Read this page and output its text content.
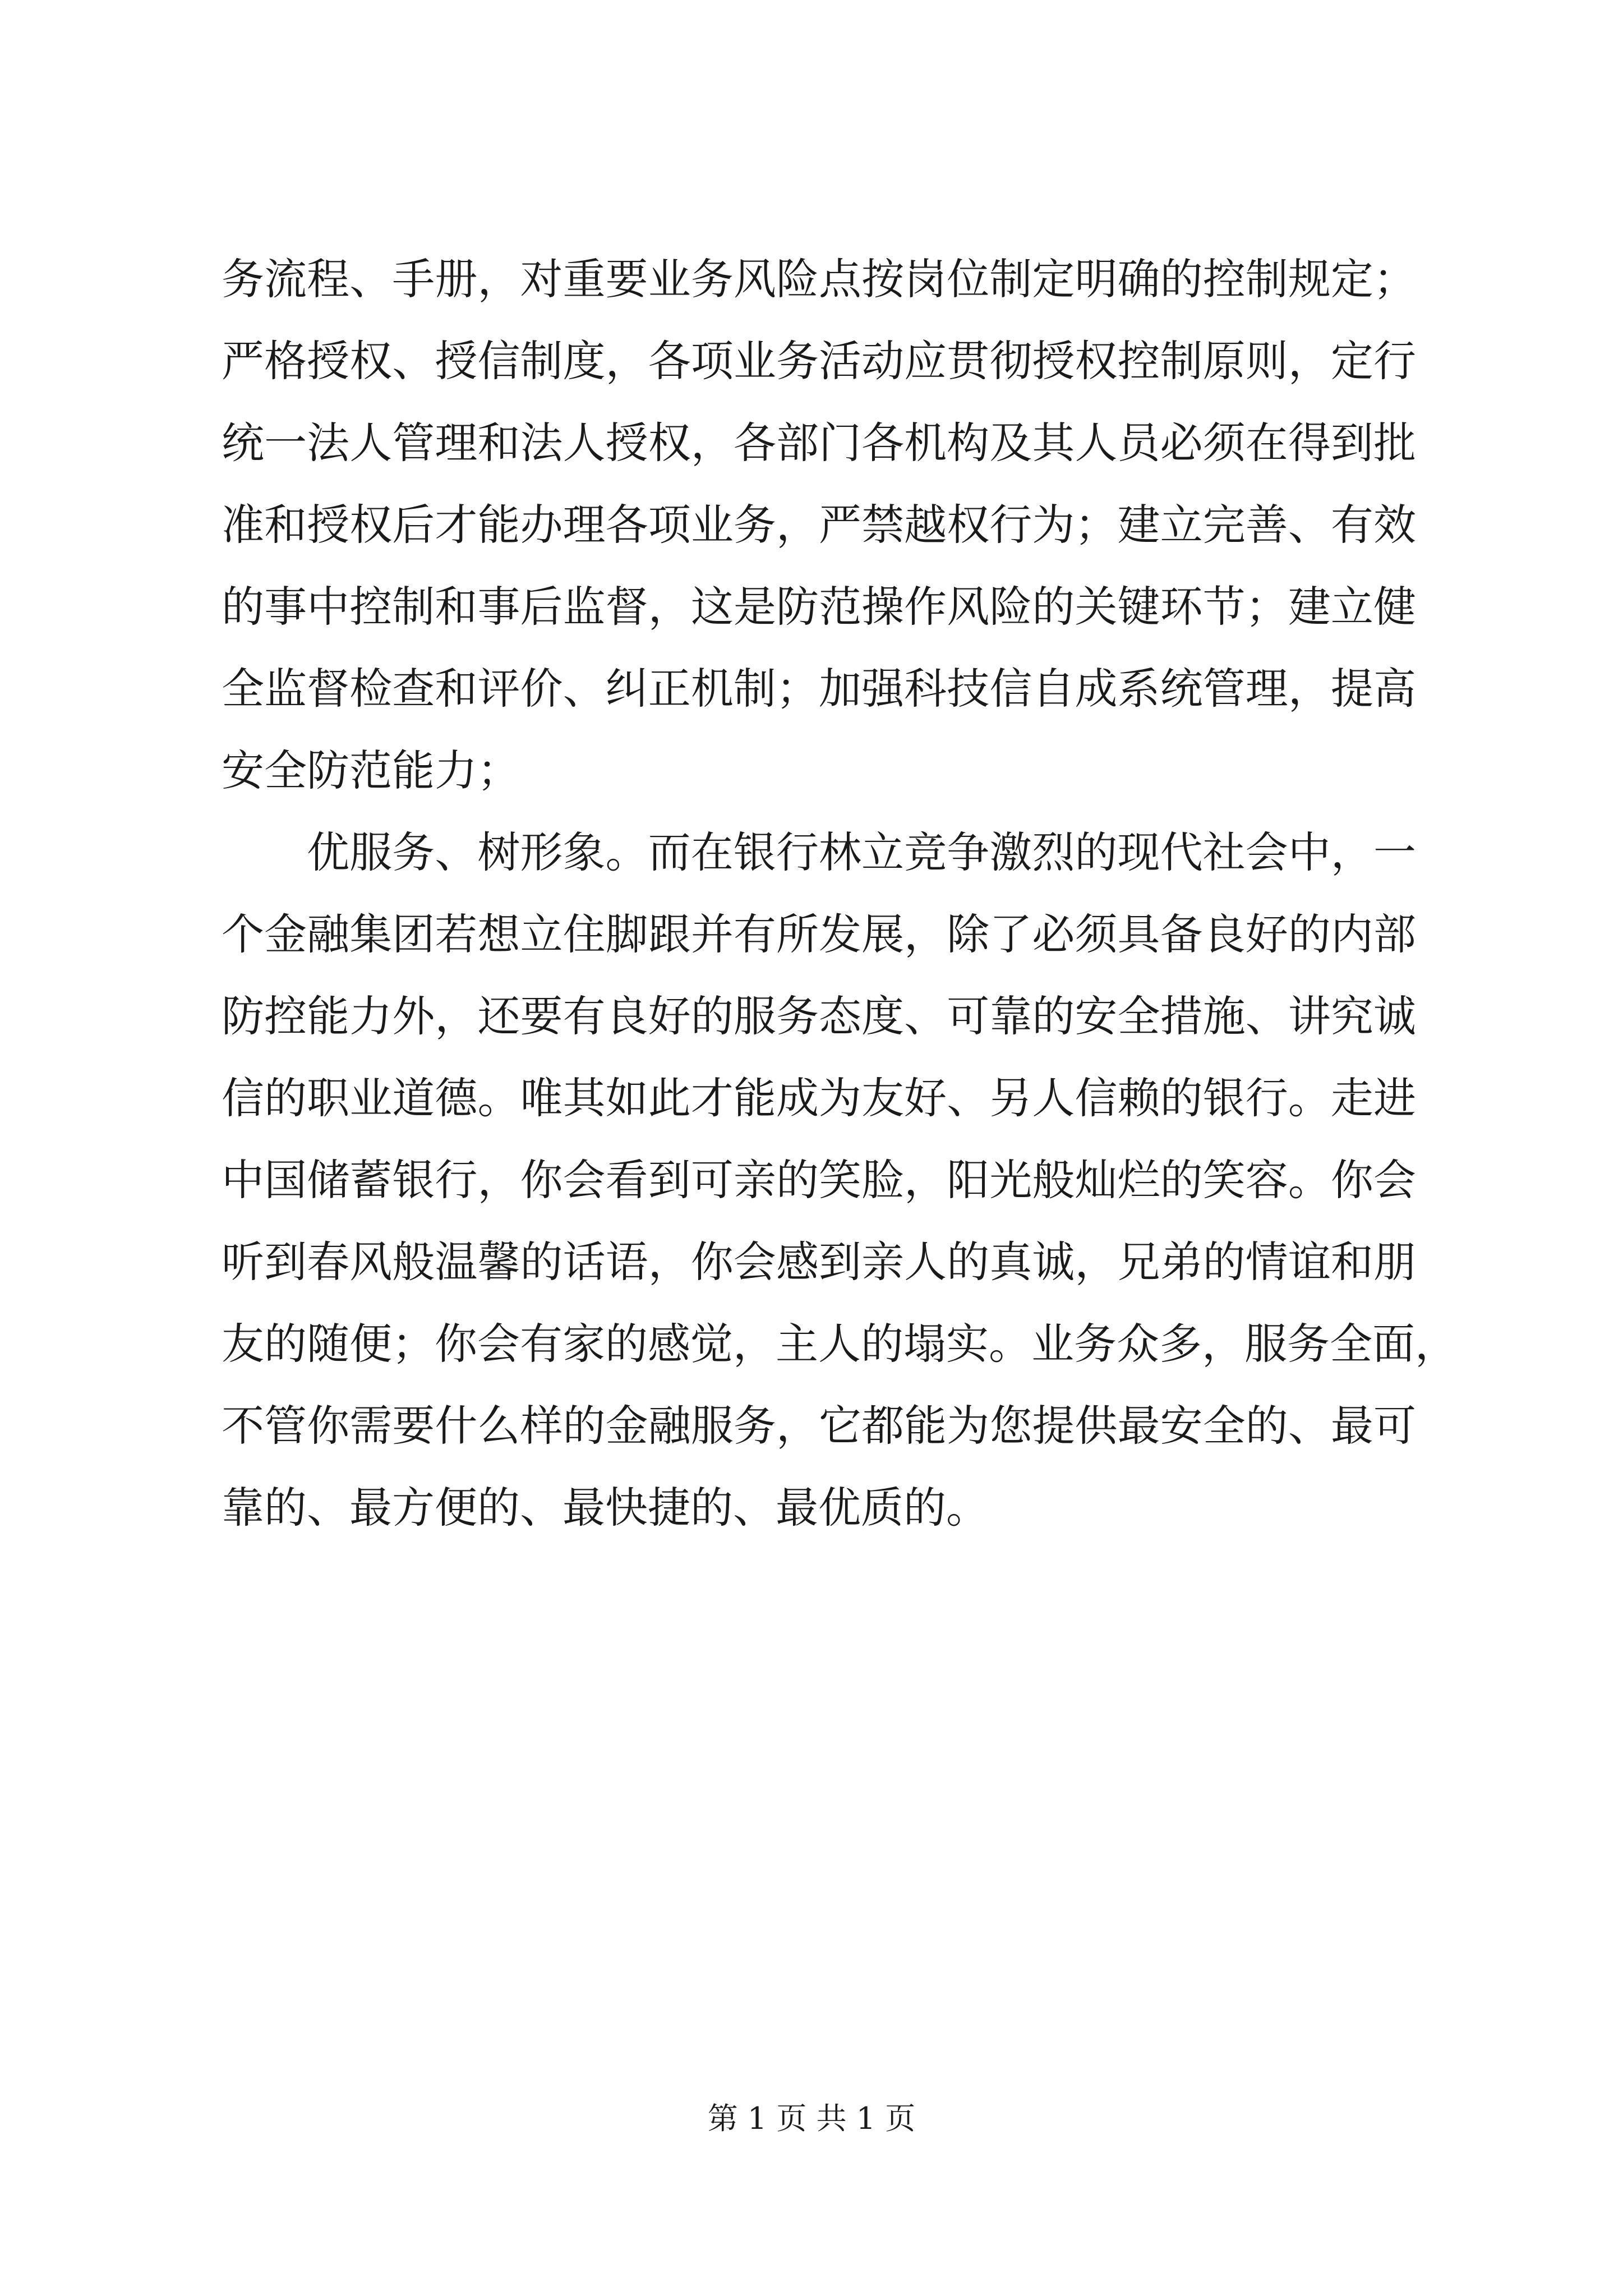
务流程、手册，对重要业务风险点按岗位制定明确的控制规定；
严格授权、授信制度，各项业务活动应贯彻授权控制原则，定行
统一法人管理和法人授权，各部门各机构及其人员必须在得到批
准和授权后才能办理各项业务，严禁越权行为；建立完善、有效
的事中控制和事后监督，这是防范操作风险的关键环节；建立健
全监督检查和评价、纠正机制；加强科技信自成系统管理，提高
安全防范能力；
优服务、树形象。而在银行林立竞争激烈的现代社会中，一
个金融集团若想立住脚跟并有所发展，除了必须具备良好的内部
防控能力外，还要有良好的服务态度、可靠的安全措施、讲究诚
信的职业道德。唯其如此才能成为友好、另人信赖的银行。走进
中国储蓄银行，你会看到可亲的笑脸，阳光般灿烂的笑容。你会
听到春风般温馨的话语，你会感到亲人的真诚，兄弟的情谊和朋
友的随便；你会有家的感觉，主人的塌实。业务众多，服务全面，
不管你需要什么样的金融服务，它都能为您提供最安全的、最可
靠的、最方便的、最快捷的、最优质的。
第 1 页 共 1 页
